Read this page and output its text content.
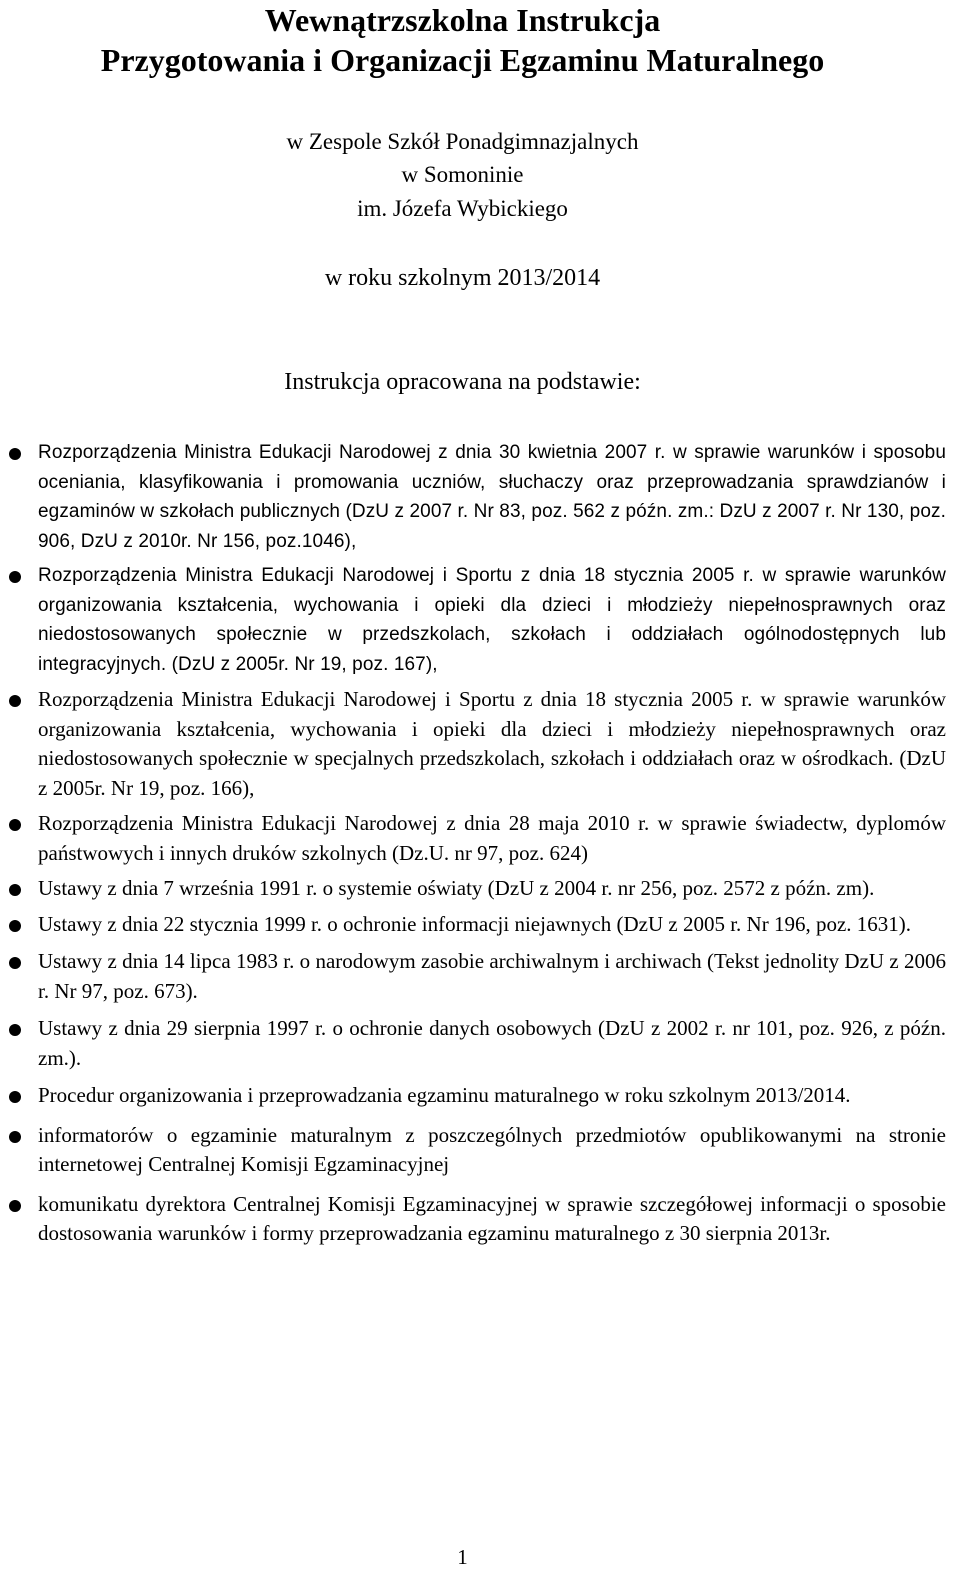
Wewnątrzszkolna Instrukcja
Przygotowania i Organizacji Egzaminu Maturalnego
w Zespole Szkół Ponadgimnazjalnych
w Somoninie
im. Józefa Wybickiego
w roku szkolnym 2013/2014
Instrukcja opracowana na podstawie:
Rozporządzenia Ministra Edukacji Narodowej z dnia 30 kwietnia 2007 r. w sprawie warunków i sposobu oceniania, klasyfikowania i promowania uczniów, słuchaczy oraz przeprowadzania sprawdzianów i egzaminów w szkołach publicznych (DzU z 2007 r. Nr 83, poz. 562 z późn. zm.: DzU z 2007 r. Nr 130, poz. 906, DzU z 2010r. Nr 156, poz.1046),
Rozporządzenia Ministra Edukacji Narodowej i Sportu z dnia 18 stycznia 2005 r. w sprawie warunków organizowania kształcenia, wychowania i opieki dla dzieci i młodzieży niepełnosprawnych oraz niedostosowanych społecznie w przedszkolach, szkołach i oddziałach ogólnodostępnych lub integracyjnych. (DzU z 2005r. Nr 19, poz. 167),
Rozporządzenia Ministra Edukacji Narodowej i Sportu z dnia 18 stycznia 2005 r. w sprawie warunków organizowania kształcenia, wychowania i opieki dla dzieci i młodzieży niepełnosprawnych oraz niedostosowanych społecznie w specjalnych przedszkolach, szkołach i oddziałach oraz w ośrodkach. (DzU z 2005r. Nr 19, poz. 166),
Rozporządzenia Ministra Edukacji Narodowej z dnia 28 maja 2010 r. w sprawie świadectw, dyplomów państwowych i innych druków szkolnych (Dz.U. nr 97, poz. 624)
Ustawy z dnia 7 września 1991 r. o systemie oświaty (DzU z 2004 r. nr 256, poz. 2572 z późn. zm).
Ustawy z dnia 22 stycznia 1999 r. o ochronie informacji niejawnych (DzU z 2005 r. Nr 196, poz. 1631).
Ustawy z dnia 14 lipca 1983 r. o narodowym zasobie archiwalnym i archiwach (Tekst jednolity DzU z 2006 r. Nr 97, poz. 673).
Ustawy z dnia 29 sierpnia 1997 r. o ochronie danych osobowych (DzU z 2002 r. nr 101, poz. 926, z późn. zm.).
Procedur organizowania i przeprowadzania egzaminu maturalnego w roku szkolnym 2013/2014.
informatorów o egzaminie maturalnym z poszczególnych przedmiotów opublikowanymi na stronie internetowej Centralnej Komisji Egzaminacyjnej
komunikatu dyrektora Centralnej Komisji Egzaminacyjnej w sprawie szczegółowej informacji o sposobie dostosowania warunków i formy przeprowadzania egzaminu maturalnego z 30 sierpnia 2013r.
1
